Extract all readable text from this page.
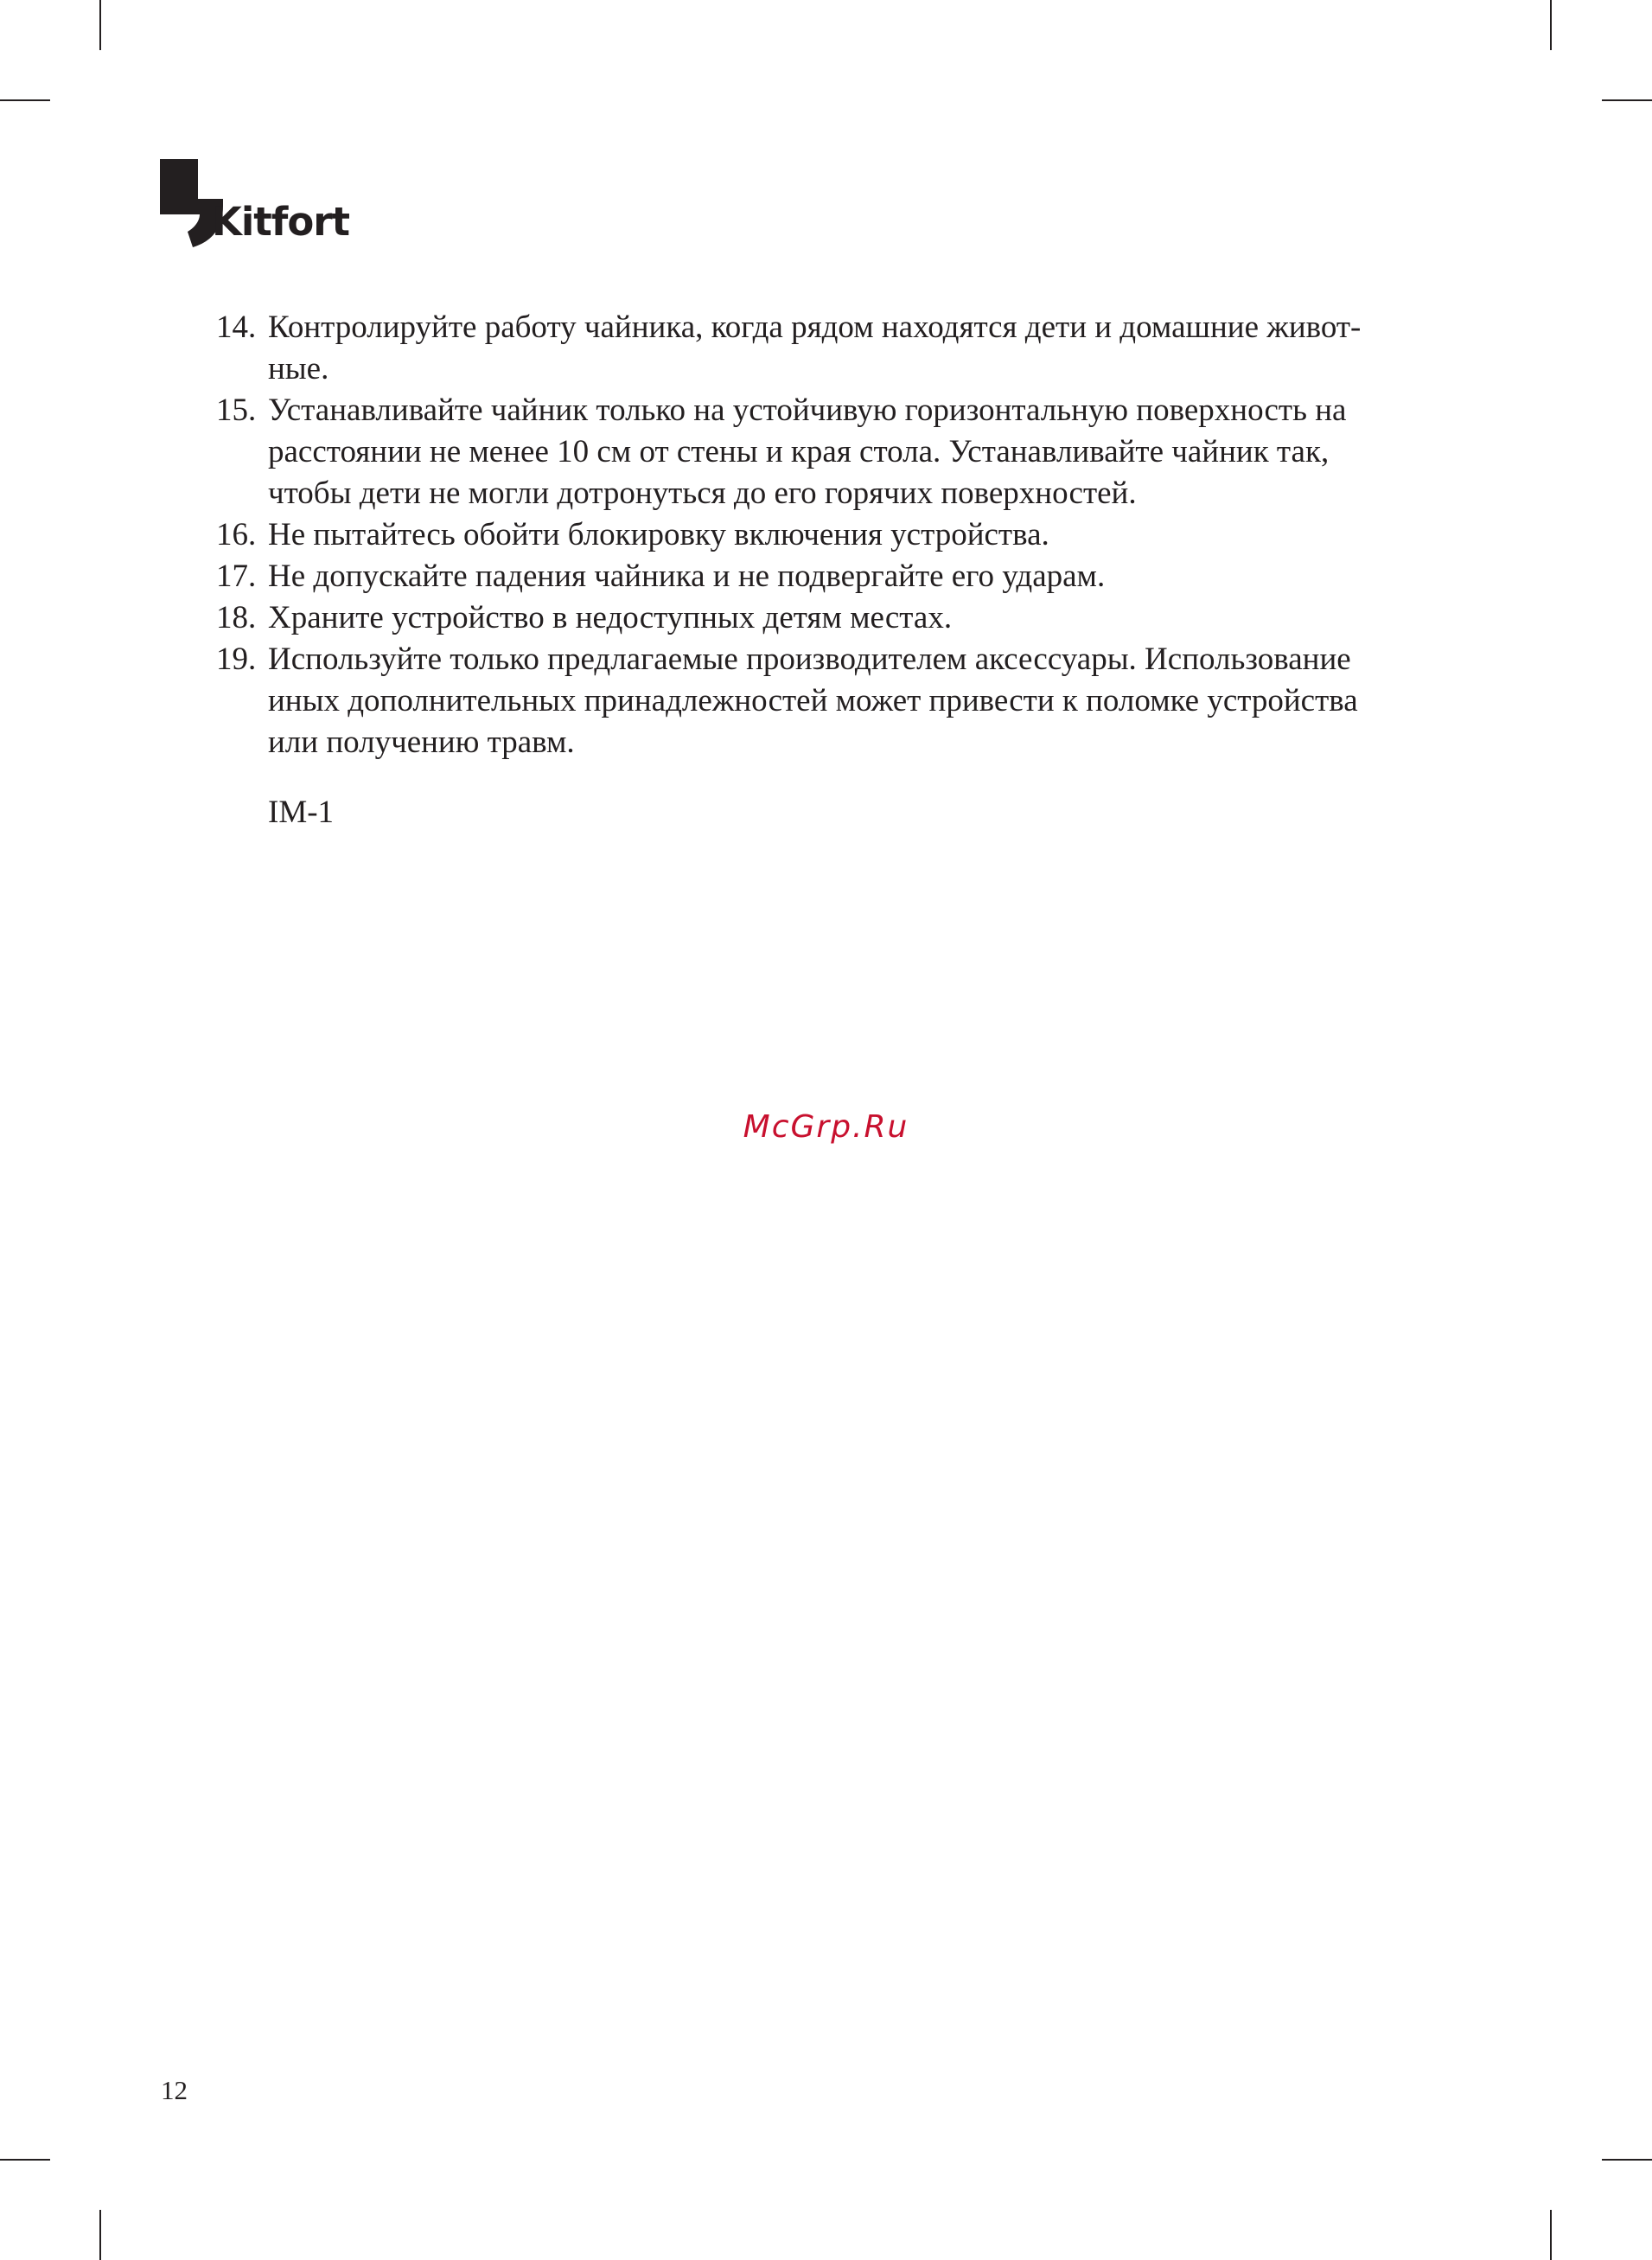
Kitfort
14. Контролируйте работу чайника, когда рядом находятся дети и домашние живот-
ные.
15. Устанавливайте чайник только на устойчивую горизонтальную поверхность на
расстоянии не менее 10 см от стены и края стола. Устанавливайте чайник так,
чтобы дети не могли дотронуться до его горячих поверхностей.
16. Не пытайтесь обойти блокировку включения устройства.
17. Не допускайте падения чайника и не подвергайте его ударам.
18. Храните устройство в недоступных детям местах.
19. Используйте только предлагаемые производителем аксессуары. Использование
иных дополнительных принадлежностей может привести к поломке устройства
или получению травм.
IM-1
McGrp.Ru
12
